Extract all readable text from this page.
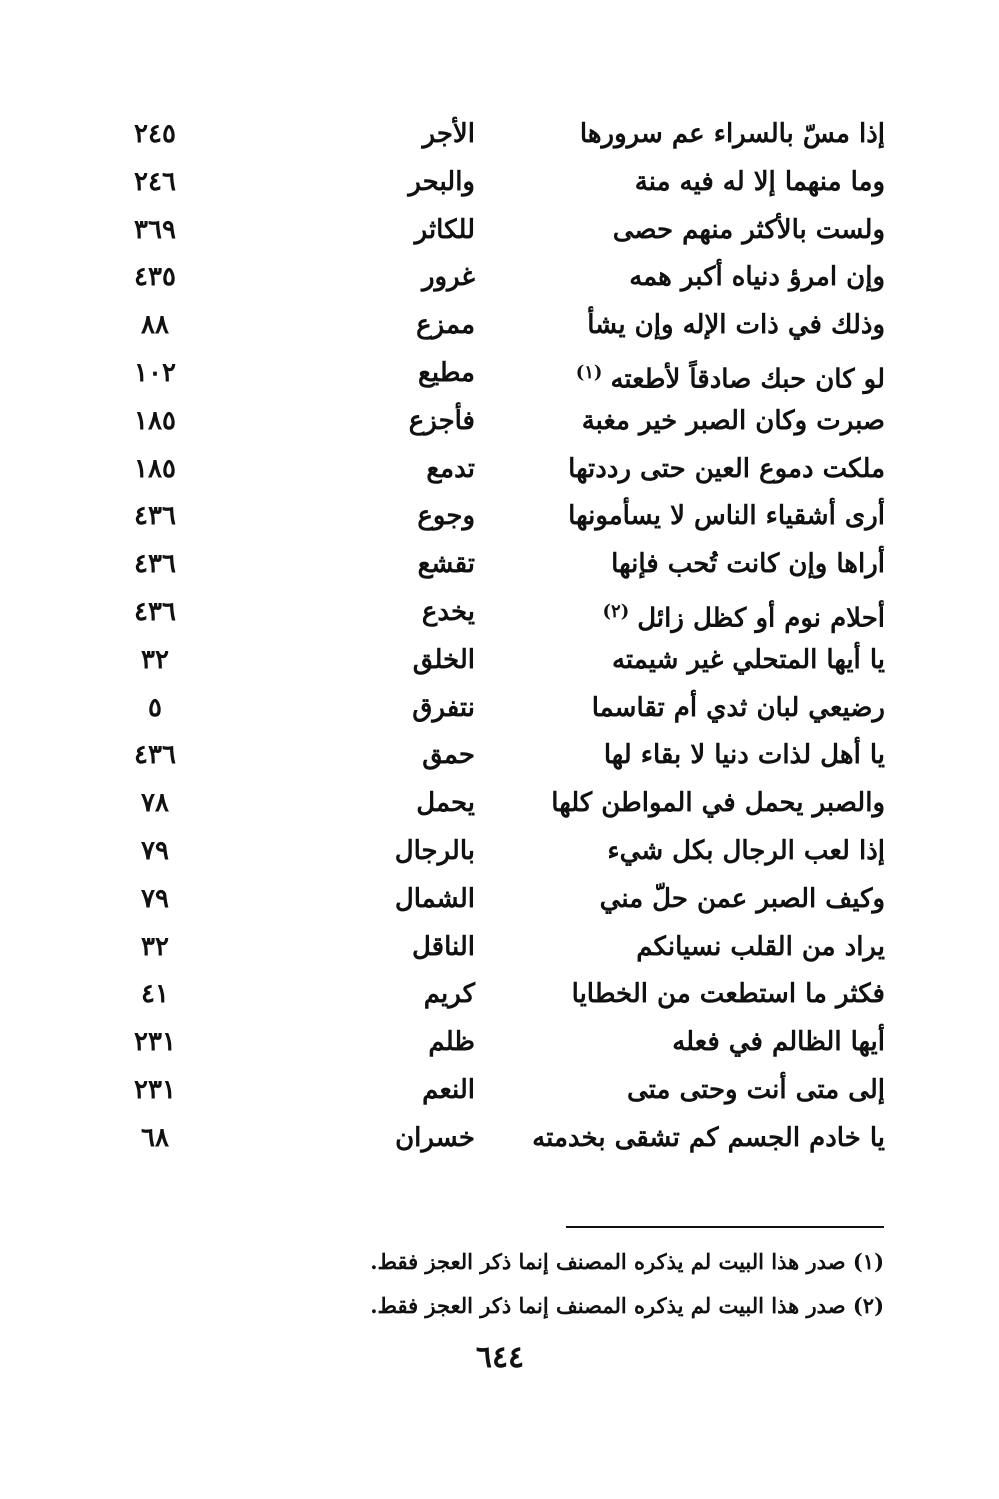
إذا مسّ بالسراء عم سرورها
الأجر
٢٤٥
وما منهما إلا له فيه منة
والبحر
٢٤٦
ولست بالأكثر منهم حصى
للكاثر
٣٦٩
وإن امرؤ دنياه أكبر همه
غرور
٤٣٥
وذلك في ذات الإله وإن يشأ
ممزع
٨٨
لو كان حبك صادقاً لأطعته$^{(١)}$
مطيع
١٠٢
صبرت وكان الصبر خير مغبة
فأجزع
١٨٥
ملكت دموع العين حتى رددتها
تدمع
١٨٥
أرى أشقياء الناس لا يسأمونها
وجوع
٤٣٦
أراها وإن كانت تُحب فإنها
تقشع
٤٣٦
أحلام نوم أو كظل زائل$^{(٢)}$
يخدع
٤٣٦
يا أيها المتحلي غير شيمته
الخلق
٣٢
رضيعي لبان ثدي أم تقاسما
نتفرق
٥
يا أهل لذات دنيا لا بقاء لها
حمق
٤٣٦
والصبر يحمل في المواطن كلها
يحمل
٧٨
إذا لعب الرجال بكل شيء
بالرجال
٧٩
وكيف الصبر عمن حلّ مني
الشمال
٧٩
يراد من القلب نسيانكم
الناقل
٣٢
فكثر ما استطعت من الخطايا
كريم
٤١
أيها الظالم في فعله
ظلم
٢٣١
إلى متى أنت وحتى متى
النعم
٢٣١
يا خادم الجسم كم تشقى بخدمته
خسران
٦٨
(١) صدر هذا البيت لم يذكره المصنف إنما ذكر العجز فقط.
(٢) صدر هذا البيت لم يذكره المصنف إنما ذكر العجز فقط.
٦٤٤
